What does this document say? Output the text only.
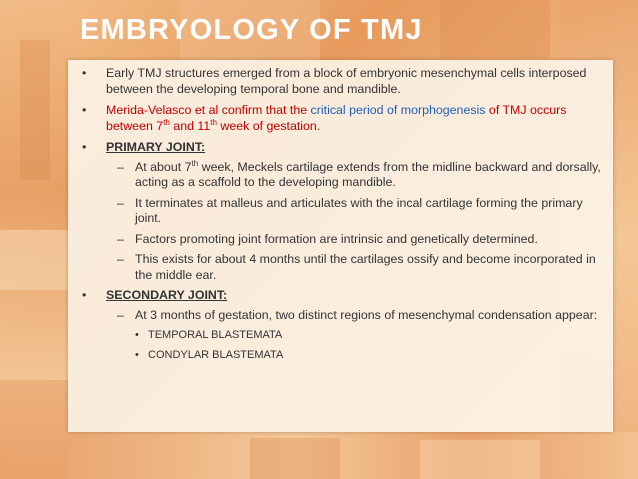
EMBRYOLOGY OF TMJ
• Early TMJ structures emerged from a block of embryonic mesenchymal cells interposed between the developing temporal bone and mandible.
• Merida-Velasco et al confirm that the critical period of morphogenesis of TMJ occurs between 7th and 11th week of gestation.
• PRIMARY JOINT:
– At about 7th week, Meckels cartilage extends from the midline backward and dorsally, acting as a scaffold to the developing mandible.
– It terminates at malleus and articulates with the incal cartilage forming the primary joint.
– Factors promoting joint formation are intrinsic and genetically determined.
– This exists for about 4 months until the cartilages ossify and become incorporated in the middle ear.
• SECONDARY JOINT:
– At 3 months of gestation, two distinct regions of mesenchymal condensation appear:
• TEMPORAL BLASTEMATA
• CONDYLAR BLASTEMATA
